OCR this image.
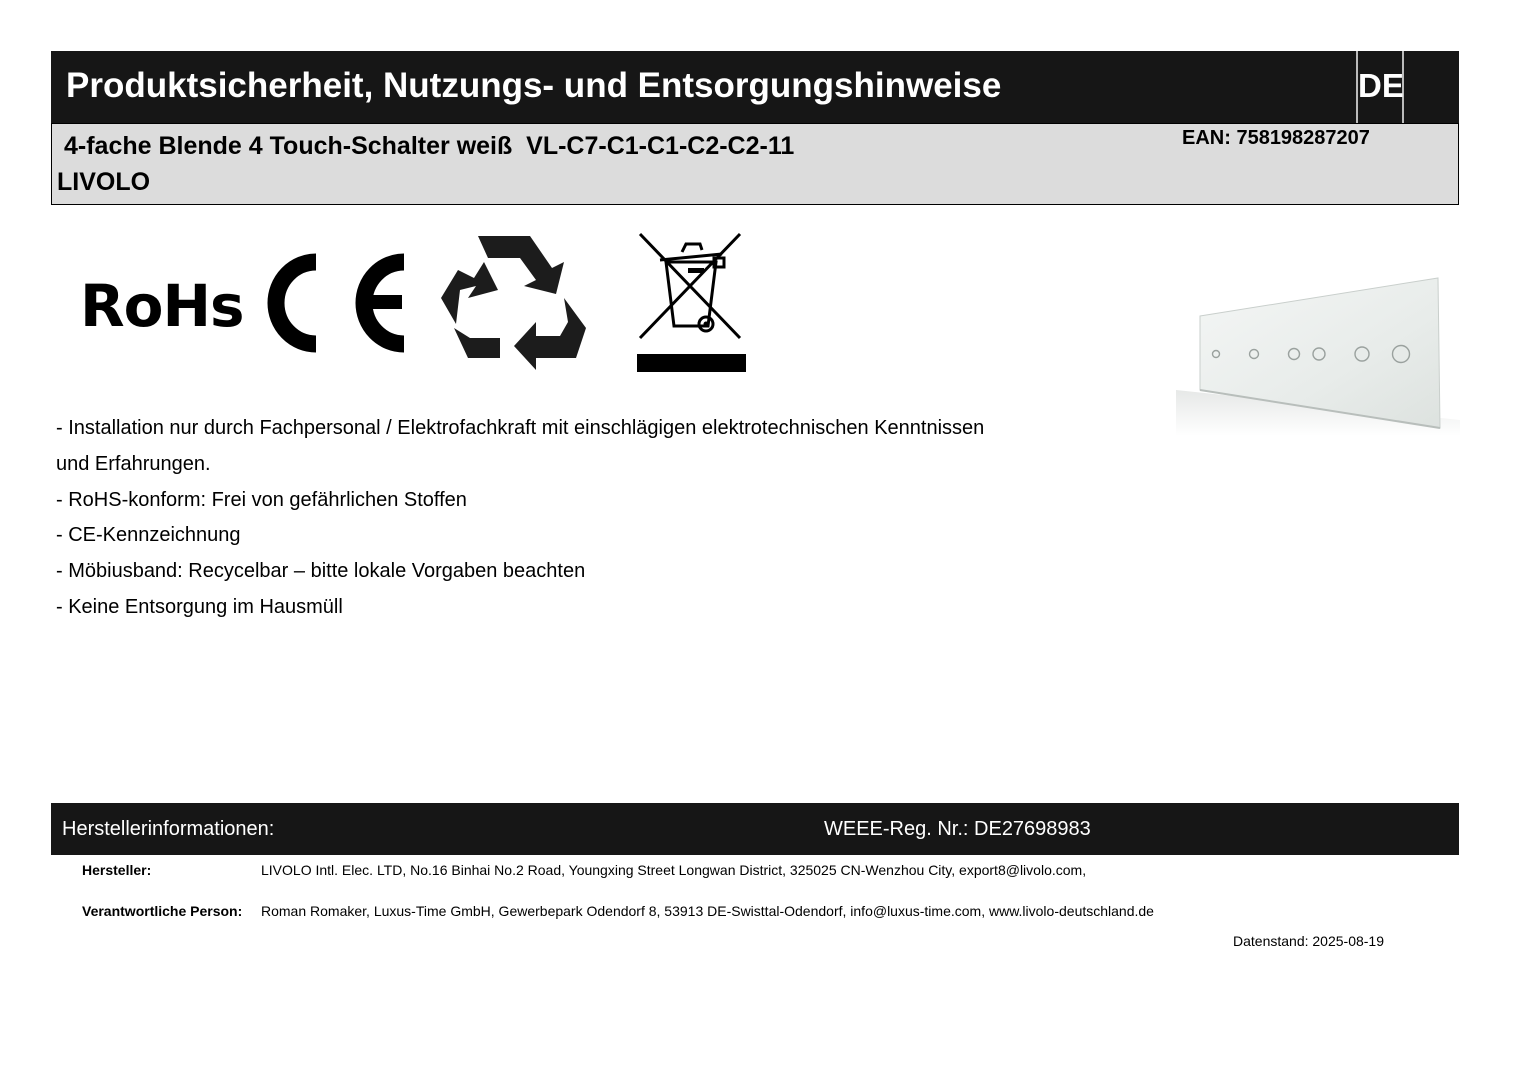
Produktsicherheit, Nutzungs- und Entsorgungshinweise	DE
4-fache Blende 4 Touch-Schalter weiß  VL-C7-C1-C1-C2-C2-11
LIVOLO
EAN: 758198287207
RoHs
- Installation nur durch Fachpersonal / Elektrofachkraft mit einschlägigen elektrotechnischen Kenntnissen
und Erfahrungen.
- RoHS-konform: Frei von gefährlichen Stoffen
- CE-Kennzeichnung
- Möbiusband: Recycelbar – bitte lokale Vorgaben beachten
- Keine Entsorgung im Hausmüll
Herstellerinformationen:	WEEE-Reg. Nr.: DE27698983
Hersteller:	LIVOLO Intl. Elec. LTD, No.16 Binhai No.2 Road, Youngxing Street Longwan District, 325025 CN-Wenzhou City, export8@livolo.com,
Verantwortliche Person: Roman Romaker, Luxus-Time GmbH, Gewerbepark Odendorf 8, 53913 DE-Swisttal-Odendorf, info@luxus-time.com, www.livolo-deutschland.de
Datenstand: 2025-08-19
